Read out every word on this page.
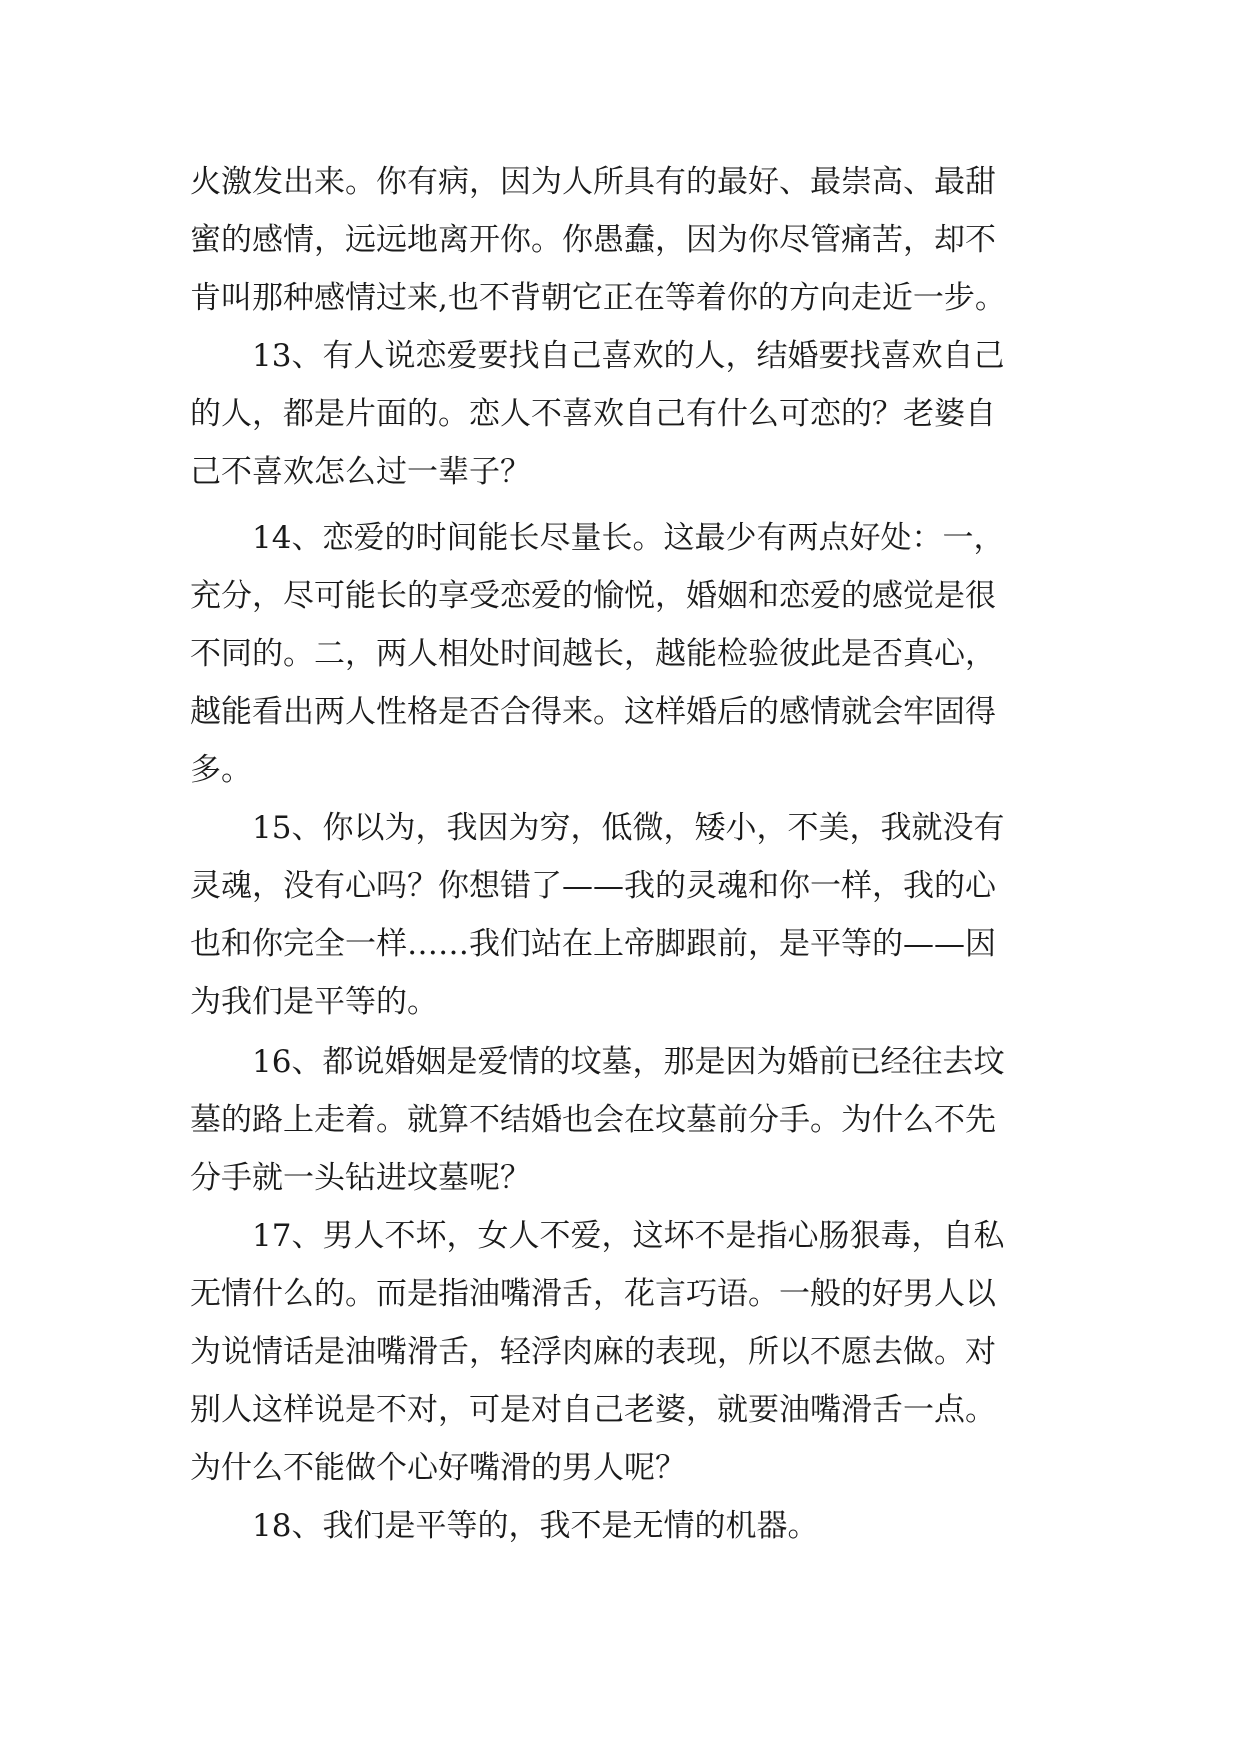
火激发出来。你有病，因为人所具有的最好、最崇高、最甜
蜜的感情，远远地离开你。你愚蠢，因为你尽管痛苦，却不
肯叫那种感情过来,也不背朝它正在等着你的方向走近一步。
13、有人说恋爱要找自己喜欢的人，结婚要找喜欢自己
的人，都是片面的。恋人不喜欢自己有什么可恋的？老婆自
己不喜欢怎么过一辈子？
14、恋爱的时间能长尽量长。这最少有两点好处：一，
充分，尽可能长的享受恋爱的愉悦，婚姻和恋爱的感觉是很
不同的。二，两人相处时间越长，越能检验彼此是否真心，
越能看出两人性格是否合得来。这样婚后的感情就会牢固得
多。
15、你以为，我因为穷，低微，矮小，不美，我就没有
灵魂，没有心吗？你想错了——我的灵魂和你一样，我的心
也和你完全一样……我们站在上帝脚跟前，是平等的——因
为我们是平等的。
16、都说婚姻是爱情的坟墓，那是因为婚前已经往去坟
墓的路上走着。就算不结婚也会在坟墓前分手。为什么不先
分手就一头钻进坟墓呢？
17、男人不坏，女人不爱，这坏不是指心肠狠毒，自私
无情什么的。而是指油嘴滑舌，花言巧语。一般的好男人以
为说情话是油嘴滑舌，轻浮肉麻的表现，所以不愿去做。对
别人这样说是不对，可是对自己老婆，就要油嘴滑舌一点。
为什么不能做个心好嘴滑的男人呢？
18、我们是平等的，我不是无情的机器。
